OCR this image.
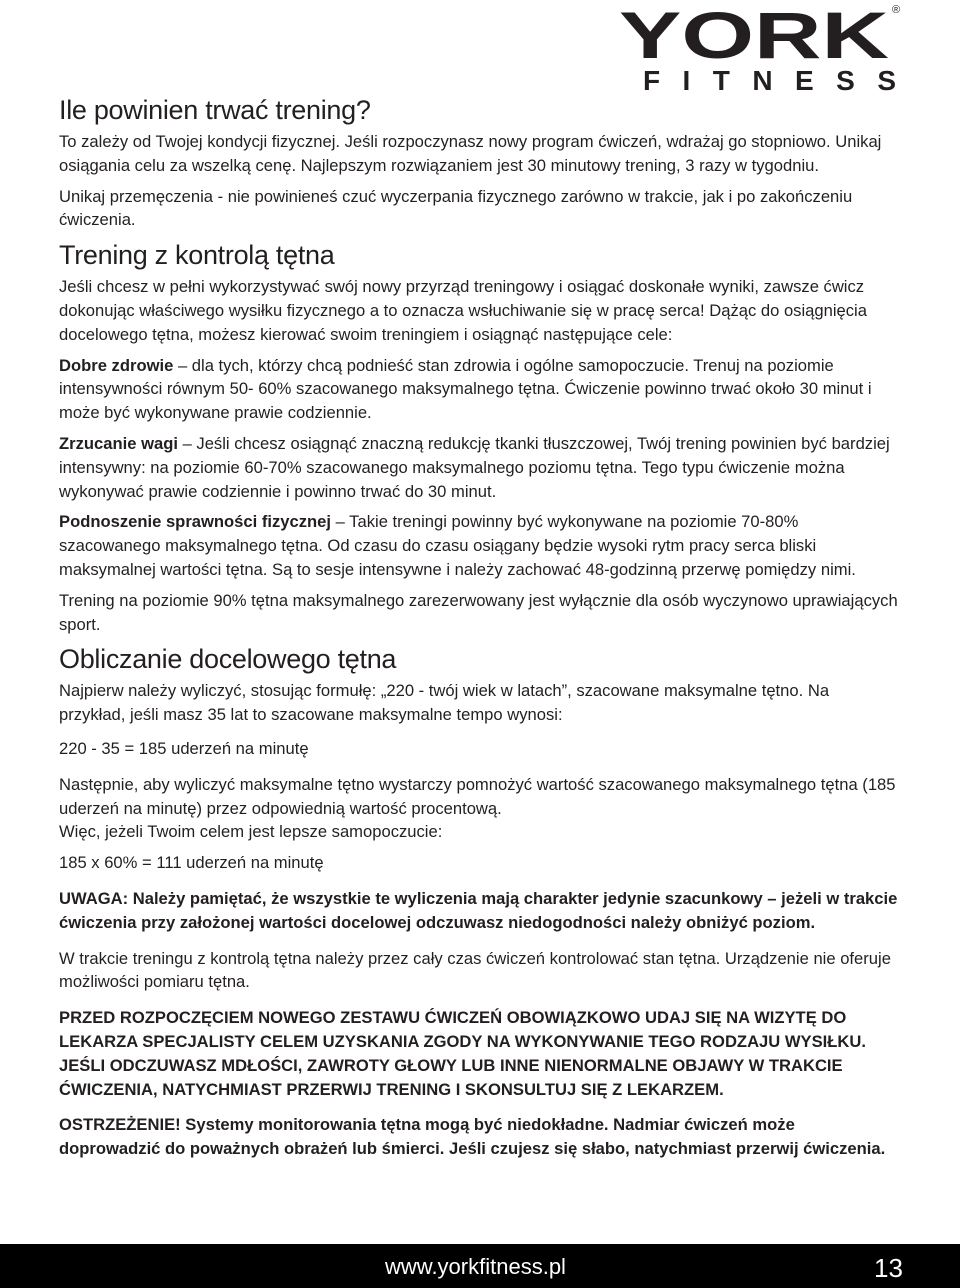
YORK ®
FITNESS
Ile powinien trwać trening?

To zależy od Twojej kondycji fizycznej. Jeśli rozpoczynasz nowy program ćwiczeń, wdrażaj go stopniowo. Unikaj osiągania celu za wszelką cenę. Najlepszym rozwiązaniem jest 30 minutowy trening, 3 razy w tygodniu.

Unikaj przemęczenia - nie powinieneś czuć wyczerpania fizycznego zarówno w trakcie, jak i po zakończeniu ćwiczenia.

Trening z kontrolą tętna

Jeśli chcesz w pełni wykorzystywać swój nowy przyrząd treningowy i osiągać doskonałe wyniki, zawsze ćwicz dokonując właściwego wysiłku fizycznego a to oznacza wsłuchiwanie się w pracę serca! Dążąc do osiągnięcia docelowego tętna, możesz kierować swoim treningiem i osiągnąć następujące cele:

Dobre zdrowie – dla tych, którzy chcą podnieść stan zdrowia i ogólne samopoczucie. Trenuj na poziomie intensywności równym 50- 60% szacowanego maksymalnego tętna. Ćwiczenie powinno trwać około 30 minut i może być wykonywane prawie codziennie.

Zrzucanie wagi – Jeśli chcesz osiągnąć znaczną redukcję tkanki tłuszczowej, Twój trening powinien być bardziej intensywny: na poziomie 60-70% szacowanego maksymalnego poziomu tętna. Tego typu ćwiczenie można wykonywać prawie codziennie i powinno trwać do 30 minut.

Podnoszenie sprawności fizycznej – Takie treningi powinny być wykonywane na poziomie 70-80% szacowanego maksymalnego tętna. Od czasu do czasu osiągany będzie wysoki rytm pracy serca bliski maksymalnej wartości tętna. Są to sesje intensywne i należy zachować 48-godzinną przerwę pomiędzy nimi.

Trening na poziomie 90% tętna maksymalnego zarezerwowany jest wyłącznie dla osób wyczynowo uprawiających sport.

Obliczanie docelowego tętna

Najpierw należy wyliczyć, stosując formułę: „220 - twój wiek w latach”, szacowane maksymalne tętno. Na przykład, jeśli masz 35 lat to szacowane maksymalne tempo wynosi:

220 - 35 = 185 uderzeń na minutę

Następnie, aby wyliczyć maksymalne tętno wystarczy pomnożyć wartość szacowanego maksymalnego tętna (185 uderzeń na minutę) przez odpowiednią wartość procentową.

Więc, jeżeli Twoim celem jest lepsze samopoczucie:

185 x 60% = 111 uderzeń na minutę

UWAGA: Należy pamiętać, że wszystkie te wyliczenia mają charakter jedynie szacunkowy – jeżeli w trakcie ćwiczenia przy założonej wartości docelowej odczuwasz niedogodności należy obniżyć poziom.

W trakcie treningu z kontrolą tętna należy przez cały czas ćwiczeń kontrolować stan tętna. Urządzenie nie oferuje możliwości pomiaru tętna.

PRZED ROZPOCZĘCIEM NOWEGO ZESTAWU ĆWICZEŃ OBOWIĄZKOWO UDAJ SIĘ NA WIZYTĘ DO LEKARZA SPECJALISTY CELEM UZYSKANIA ZGODY NA WYKONYWANIE TEGO RODZAJU WYSIŁKU. JEŚLI ODCZUWASZ MDŁOŚCI, ZAWROTY GŁOWY LUB INNE NIENORMALNE OBJAWY W TRAKCIE ĆWICZENIA, NATYCHMIAST PRZERWIJ TRENING I SKONSULTUJ SIĘ Z LEKARZEM.

OSTRZEŻENIE! Systemy monitorowania tętna mogą być niedokładne. Nadmiar ćwiczeń może doprowadzić do poważnych obrażeń lub śmierci. Jeśli czujesz się słabo, natychmiast przerwij ćwiczenia.

www.yorkfitness.pl	13
